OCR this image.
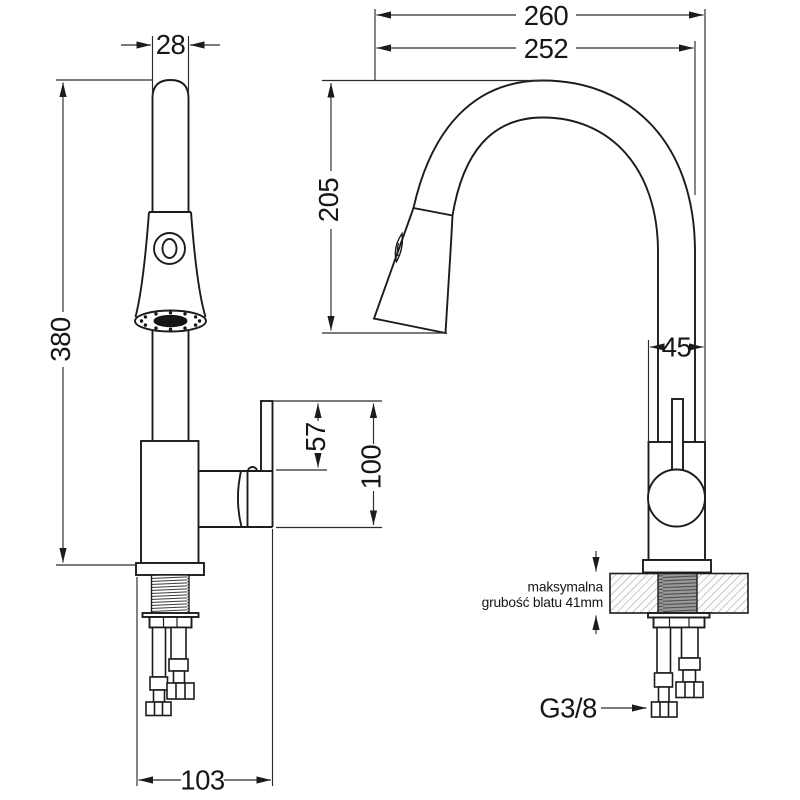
28
380
57
100
103
260
252
205
45
maksymalna
grubość blatu 41mm
G3/8
